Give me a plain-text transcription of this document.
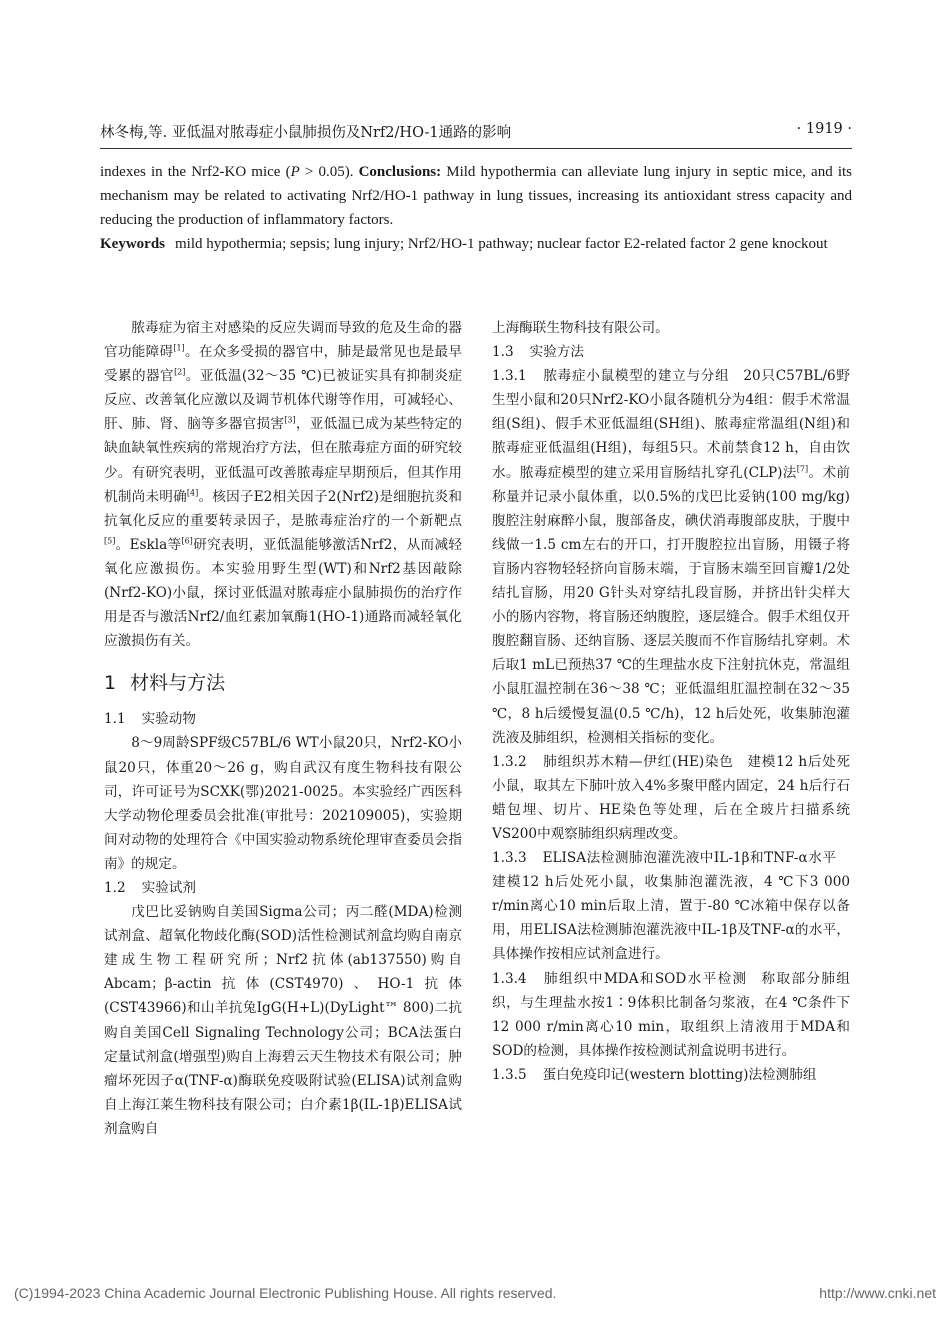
林冬梅,等. 亚低温对脓毒症小鼠肺损伤及Nrf2/HO-1通路的影响	· 1919 ·

indexes in the Nrf2-KO mice (P > 0.05). Conclusions: Mild hypothermia can alleviate lung injury in septic mice, and its mechanism may be related to activating Nrf2/HO-1 pathway in lung tissues, increasing its antioxidant stress capacity and reducing the production of inflammatory factors.

Keywords mild hypothermia; sepsis; lung injury; Nrf2/HO-1 pathway; nuclear factor E2-related factor 2 gene knockout

脓毒症为宿主对感染的反应失调而导致的危及生命的器官功能障碍[1]。在众多受损的器官中，肺是最常见也是最早受累的器官[2]。亚低温(32～35 ℃)已被证实具有抑制炎症反应、改善氧化应激以及调节机体代谢等作用，可减轻心、肝、肺、肾、脑等多器官损害[3]，亚低温已成为某些特定的缺血缺氧性疾病的常规治疗方法，但在脓毒症方面的研究较少。有研究表明，亚低温可改善脓毒症早期预后，但其作用机制尚未明确[4]。核因子E2相关因子2(Nrf2)是细胞抗炎和抗氧化反应的重要转录因子，是脓毒症治疗的一个新靶点[5]。Eskla等[6]研究表明，亚低温能够激活Nrf2，从而减轻氧化应激损伤。本实验用野生型(WT)和Nrf2基因敲除(Nrf2-KO)小鼠，探讨亚低温对脓毒症小鼠肺损伤的治疗作用是否与激活Nrf2/血红素加氧酶1(HO-1)通路而减轻氧化应激损伤有关。

1 材料与方法

1.1 实验动物

8～9周龄SPF级C57BL/6 WT小鼠20只，Nrf2-KO小鼠20只，体重20～26 g，购自武汉有度生物科技有限公司，许可证号为SCXK(鄂)2021-0025。本实验经广西医科大学动物伦理委员会批准(审批号：202109005)，实验期间对动物的处理符合《中国实验动物系统伦理审查委员会指南》的规定。

1.2 实验试剂

戊巴比妥钠购自美国Sigma公司；丙二醛(MDA)检测试剂盒、超氧化物歧化酶(SOD)活性检测试剂盒均购自南京建成生物工程研究所；Nrf2抗体(ab137550)购自Abcam；β-actin抗体(CST4970)、HO-1抗体(CST43966)和山羊抗兔IgG(H+L)(DyLight™ 800)二抗购自美国Cell Signaling Technology公司；BCA法蛋白定量试剂盒(增强型)购自上海碧云天生物技术有限公司；肿瘤坏死因子α(TNF-α)酶联免疫吸附试验(ELISA)试剂盒购自上海江莱生物科技有限公司；白介素1β(IL-1β)ELISA试剂盒购自

上海酶联生物科技有限公司。

1.3 实验方法

1.3.1 脓毒症小鼠模型的建立与分组 20只C57BL/6野生型小鼠和20只Nrf2-KO小鼠各随机分为4组：假手术常温组(S组)、假手术亚低温组(SH组)、脓毒症常温组(N组)和脓毒症亚低温组(H组)，每组5只。术前禁食12 h，自由饮水。脓毒症模型的建立采用盲肠结扎穿孔(CLP)法[7]。术前称量并记录小鼠体重，以0.5%的戊巴比妥钠(100 mg/kg)腹腔注射麻醉小鼠，腹部备皮，碘伏消毒腹部皮肤，于腹中线做一1.5 cm左右的开口，打开腹腔拉出盲肠，用镊子将盲肠内容物轻轻挤向盲肠末端，于盲肠末端至回盲瓣1/2处结扎盲肠，用20 G针头对穿结扎段盲肠，并挤出针尖样大小的肠内容物，将盲肠还纳腹腔，逐层缝合。假手术组仅开腹腔翻盲肠、还纳盲肠、逐层关腹而不作盲肠结扎穿刺。术后取1 mL已预热37 ℃的生理盐水皮下注射抗休克，常温组小鼠肛温控制在36～38 ℃；亚低温组肛温控制在32～35 ℃，8 h后缓慢复温(0.5 ℃/h)，12 h后处死，收集肺泡灌洗液及肺组织，检测相关指标的变化。

1.3.2 肺组织苏木精—伊红(HE)染色 建模12 h后处死小鼠，取其左下肺叶放入4%多聚甲醛内固定，24 h后行石蜡包埋、切片、HE染色等处理，后在全玻片扫描系统VS200中观察肺组织病理改变。

1.3.3 ELISA法检测肺泡灌洗液中IL-1β和TNF-α水平建模12 h后处死小鼠，收集肺泡灌洗液，4 ℃下3 000 r/min离心10 min后取上清，置于-80 ℃冰箱中保存以备用，用ELISA法检测肺泡灌洗液中IL-1β及TNF-α的水平，具体操作按相应试剂盒进行。

1.3.4 肺组织中MDA和SOD水平检测 称取部分肺组织，与生理盐水按1∶9体积比制备匀浆液，在4 ℃条件下12 000 r/min离心10 min，取组织上清液用于MDA和SOD的检测，具体操作按检测试剂盒说明书进行。

1.3.5 蛋白免疫印记(western blotting)法检测肺组

(C)1994-2023 China Academic Journal Electronic Publishing House. All rights reserved.	http://www.cnki.net
